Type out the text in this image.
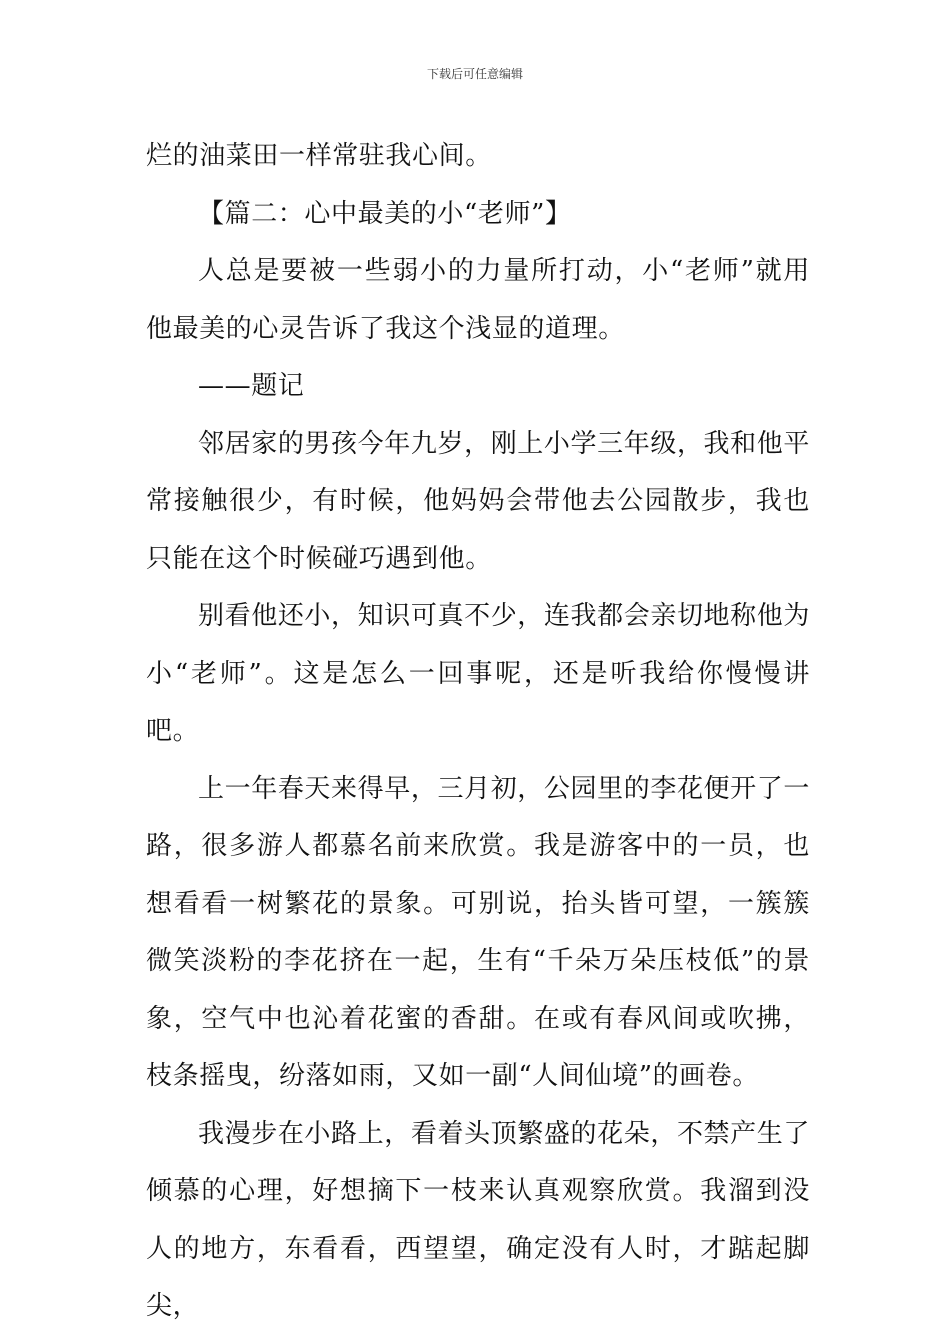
下载后可任意编辑

烂的油菜田一样常驻我心间。

【篇二：心中最美的小“老师”】

人总是要被一些弱小的力量所打动，小“老师”就用他最美的心灵告诉了我这个浅显的道理。

——题记

邻居家的男孩今年九岁，刚上小学三年级，我和他平常接触很少，有时候，他妈妈会带他去公园散步，我也只能在这个时候碰巧遇到他。

别看他还小，知识可真不少，连我都会亲切地称他为小“老师”。这是怎么一回事呢，还是听我给你慢慢讲吧。

上一年春天来得早，三月初，公园里的李花便开了一路，很多游人都慕名前来欣赏。我是游客中的一员，也想看看一树繁花的景象。可别说，抬头皆可望，一簇簇微笑淡粉的李花挤在一起，生有“千朵万朵压枝低”的景象，空气中也沁着花蜜的香甜。在或有春风间或吹拂，枝条摇曳，纷落如雨，又如一副“人间仙境”的画卷。

我漫步在小路上，看着头顶繁盛的花朵，不禁产生了倾慕的心理，好想摘下一枝来认真观察欣赏。我溜到没人的地方，东看看，西望望，确定没有人时，才踮起脚尖，
